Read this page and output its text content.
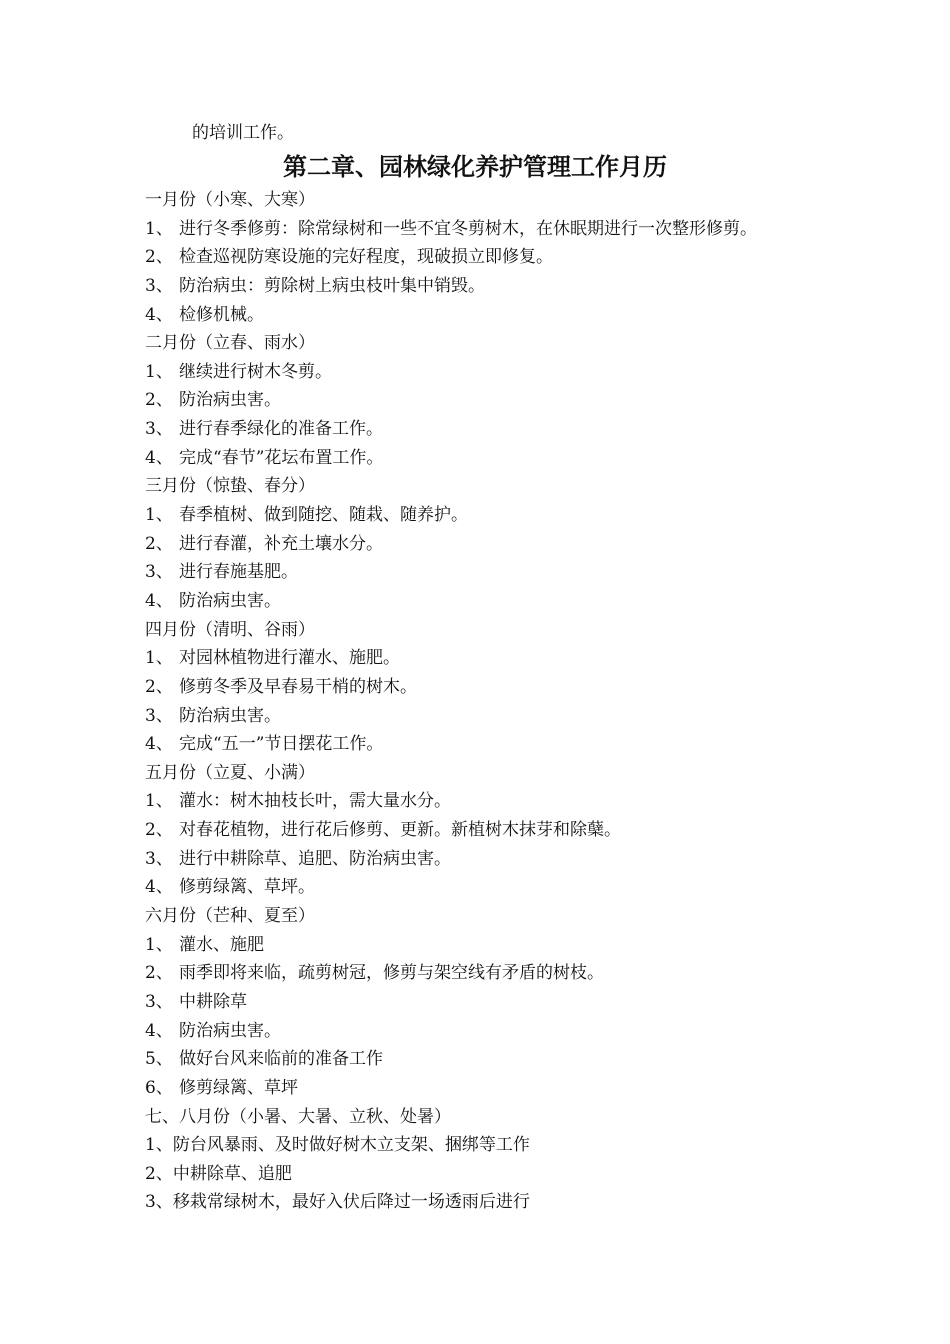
的培训工作。
第二章、园林绿化养护管理工作月历
一月份（小寒、大寒）
1、 进行冬季修剪：除常绿树和一些不宜冬剪树木，在休眠期进行一次整形修剪。
2、 检查巡视防寒设施的完好程度，现破损立即修复。
3、 防治病虫：剪除树上病虫枝叶集中销毁。
4、 检修机械。
二月份（立春、雨水）
1、 继续进行树木冬剪。
2、 防治病虫害。
3、 进行春季绿化的准备工作。
4、 完成“春节”花坛布置工作。
三月份（惊蛰、春分）
1、 春季植树、做到随挖、随栽、随养护。
2、 进行春灌，补充土壤水分。
3、 进行春施基肥。
4、 防治病虫害。
四月份（清明、谷雨）
1、 对园林植物进行灌水、施肥。
2、 修剪冬季及早春易干梢的树木。
3、 防治病虫害。
4、 完成“五一”节日摆花工作。
五月份（立夏、小满）
1、 灌水：树木抽枝长叶，需大量水分。
2、 对春花植物，进行花后修剪、更新。新植树木抹芽和除蘖。
3、 进行中耕除草、追肥、防治病虫害。
4、 修剪绿篱、草坪。
六月份（芒种、夏至）
1、 灌水、施肥
2、 雨季即将来临，疏剪树冠，修剪与架空线有矛盾的树枝。
3、 中耕除草
4、 防治病虫害。
5、 做好台风来临前的准备工作
6、 修剪绿篱、草坪
七、八月份（小暑、大暑、立秋、处暑）
1、防台风暴雨、及时做好树木立支架、捆绑等工作
2、中耕除草、追肥
3、移栽常绿树木，最好入伏后降过一场透雨后进行
